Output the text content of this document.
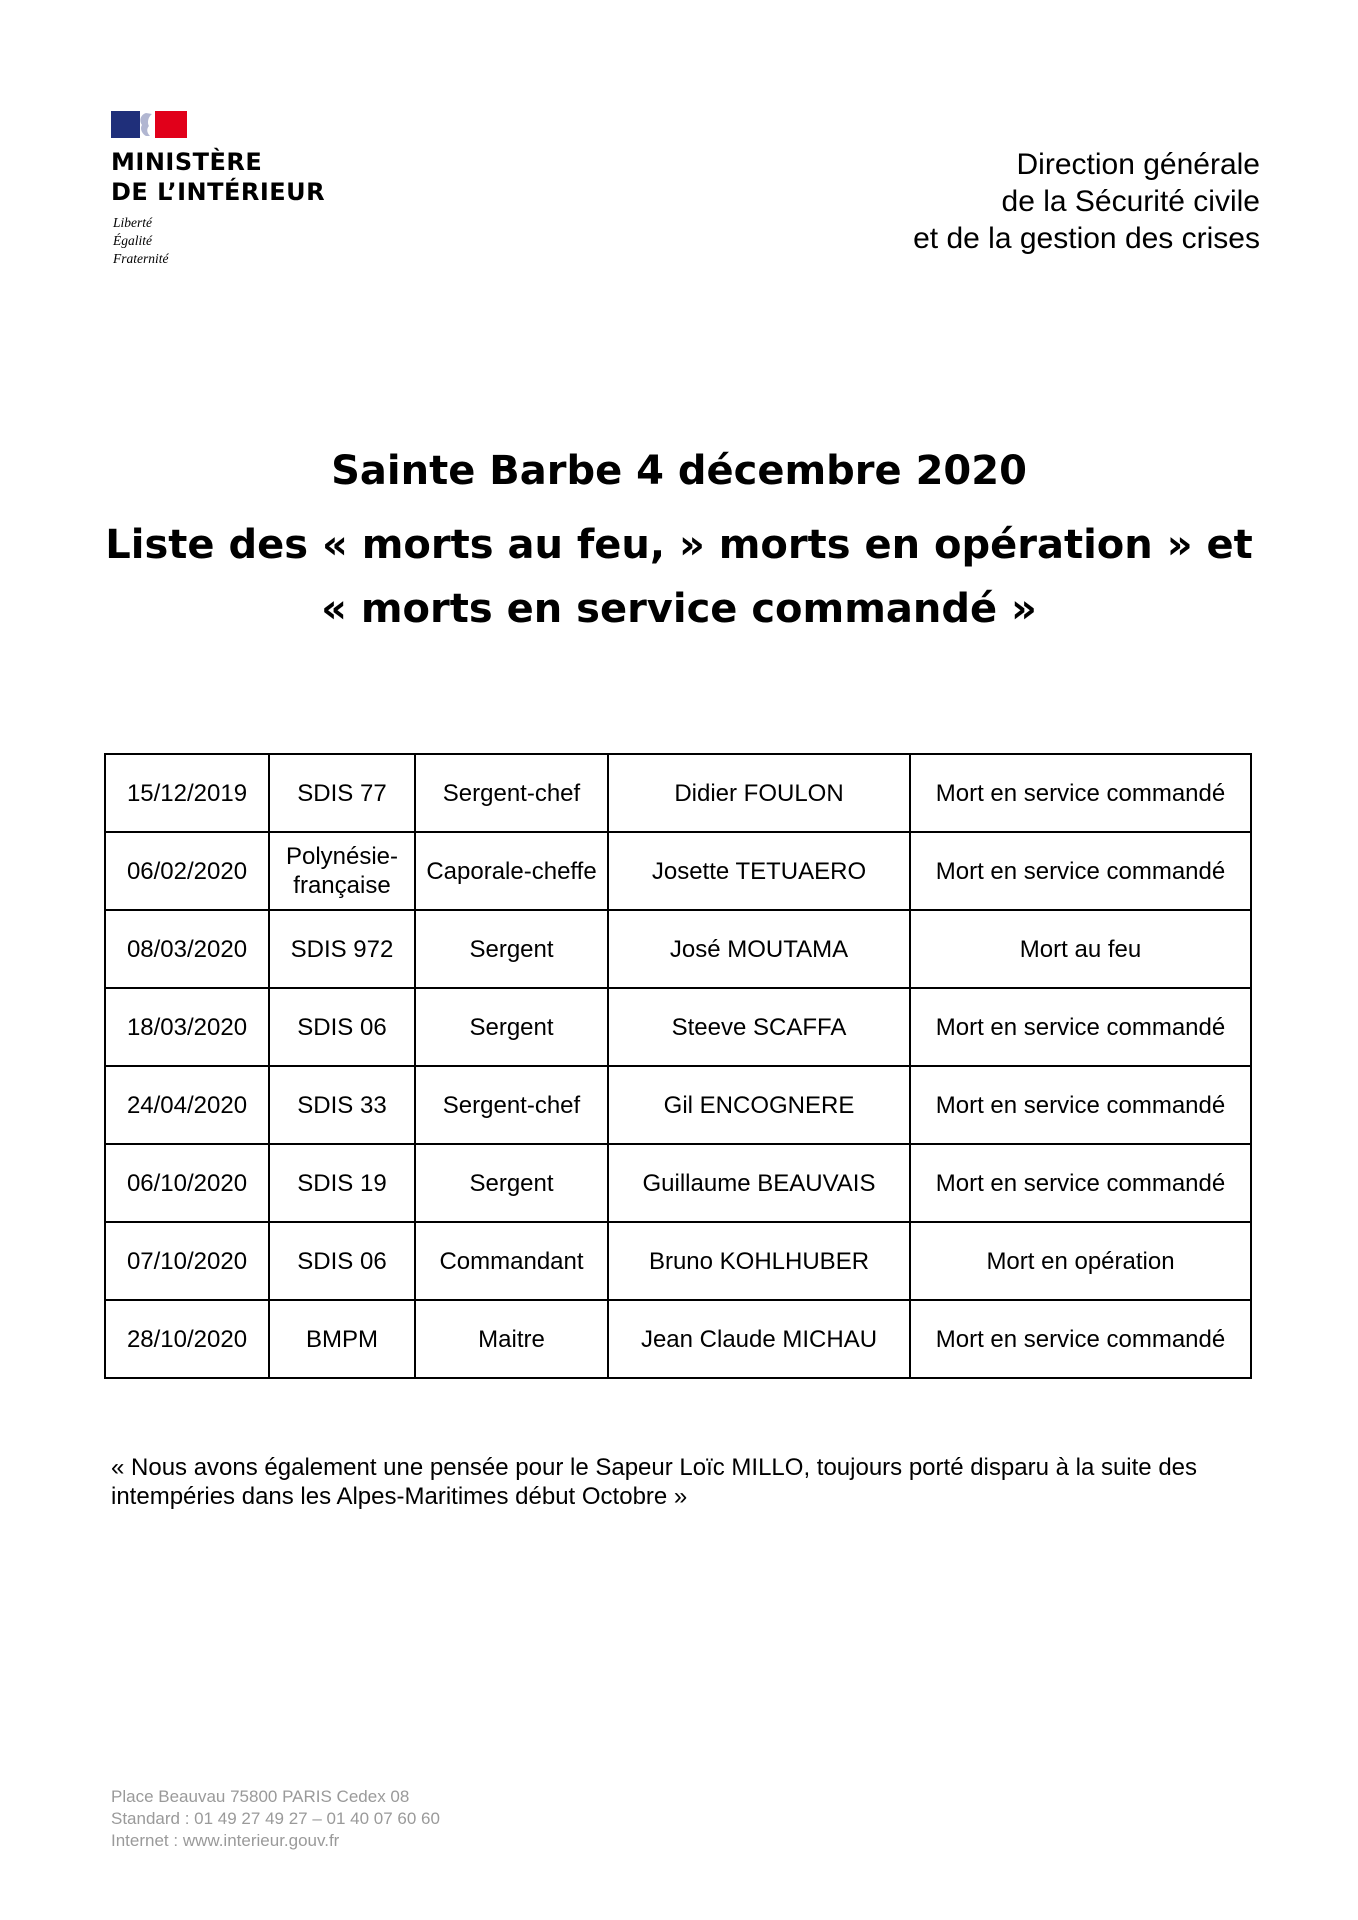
MINISTÈRE
DE L’INTÉRIEUR
Liberté
Égalité
Fraternité
Direction générale
de la Sécurité civile
et de la gestion des crises
Sainte Barbe 4 décembre 2020
Liste des « morts au feu, » morts en opération » et
« morts en service commandé »
15/12/2019	SDIS 77	Sergent-chef	Didier FOULON	Mort en service commandé
06/02/2020	Polynésie-française	Caporale-cheffe	Josette TETUAERO	Mort en service commandé
08/03/2020	SDIS 972	Sergent	José MOUTAMA	Mort au feu
18/03/2020	SDIS 06	Sergent	Steeve SCAFFA	Mort en service commandé
24/04/2020	SDIS 33	Sergent-chef	Gil ENCOGNERE	Mort en service commandé
06/10/2020	SDIS 19	Sergent	Guillaume BEAUVAIS	Mort en service commandé
07/10/2020	SDIS 06	Commandant	Bruno KOHLHUBER	Mort en opération
28/10/2020	BMPM	Maitre	Jean Claude MICHAU	Mort en service commandé
« Nous avons également une pensée pour le Sapeur Loïc MILLO, toujours porté disparu à la suite des intempéries dans les Alpes-Maritimes début Octobre »
Place Beauvau 75800 PARIS Cedex 08
Standard : 01 49 27 49 27 – 01 40 07 60 60
Internet : www.interieur.gouv.fr
